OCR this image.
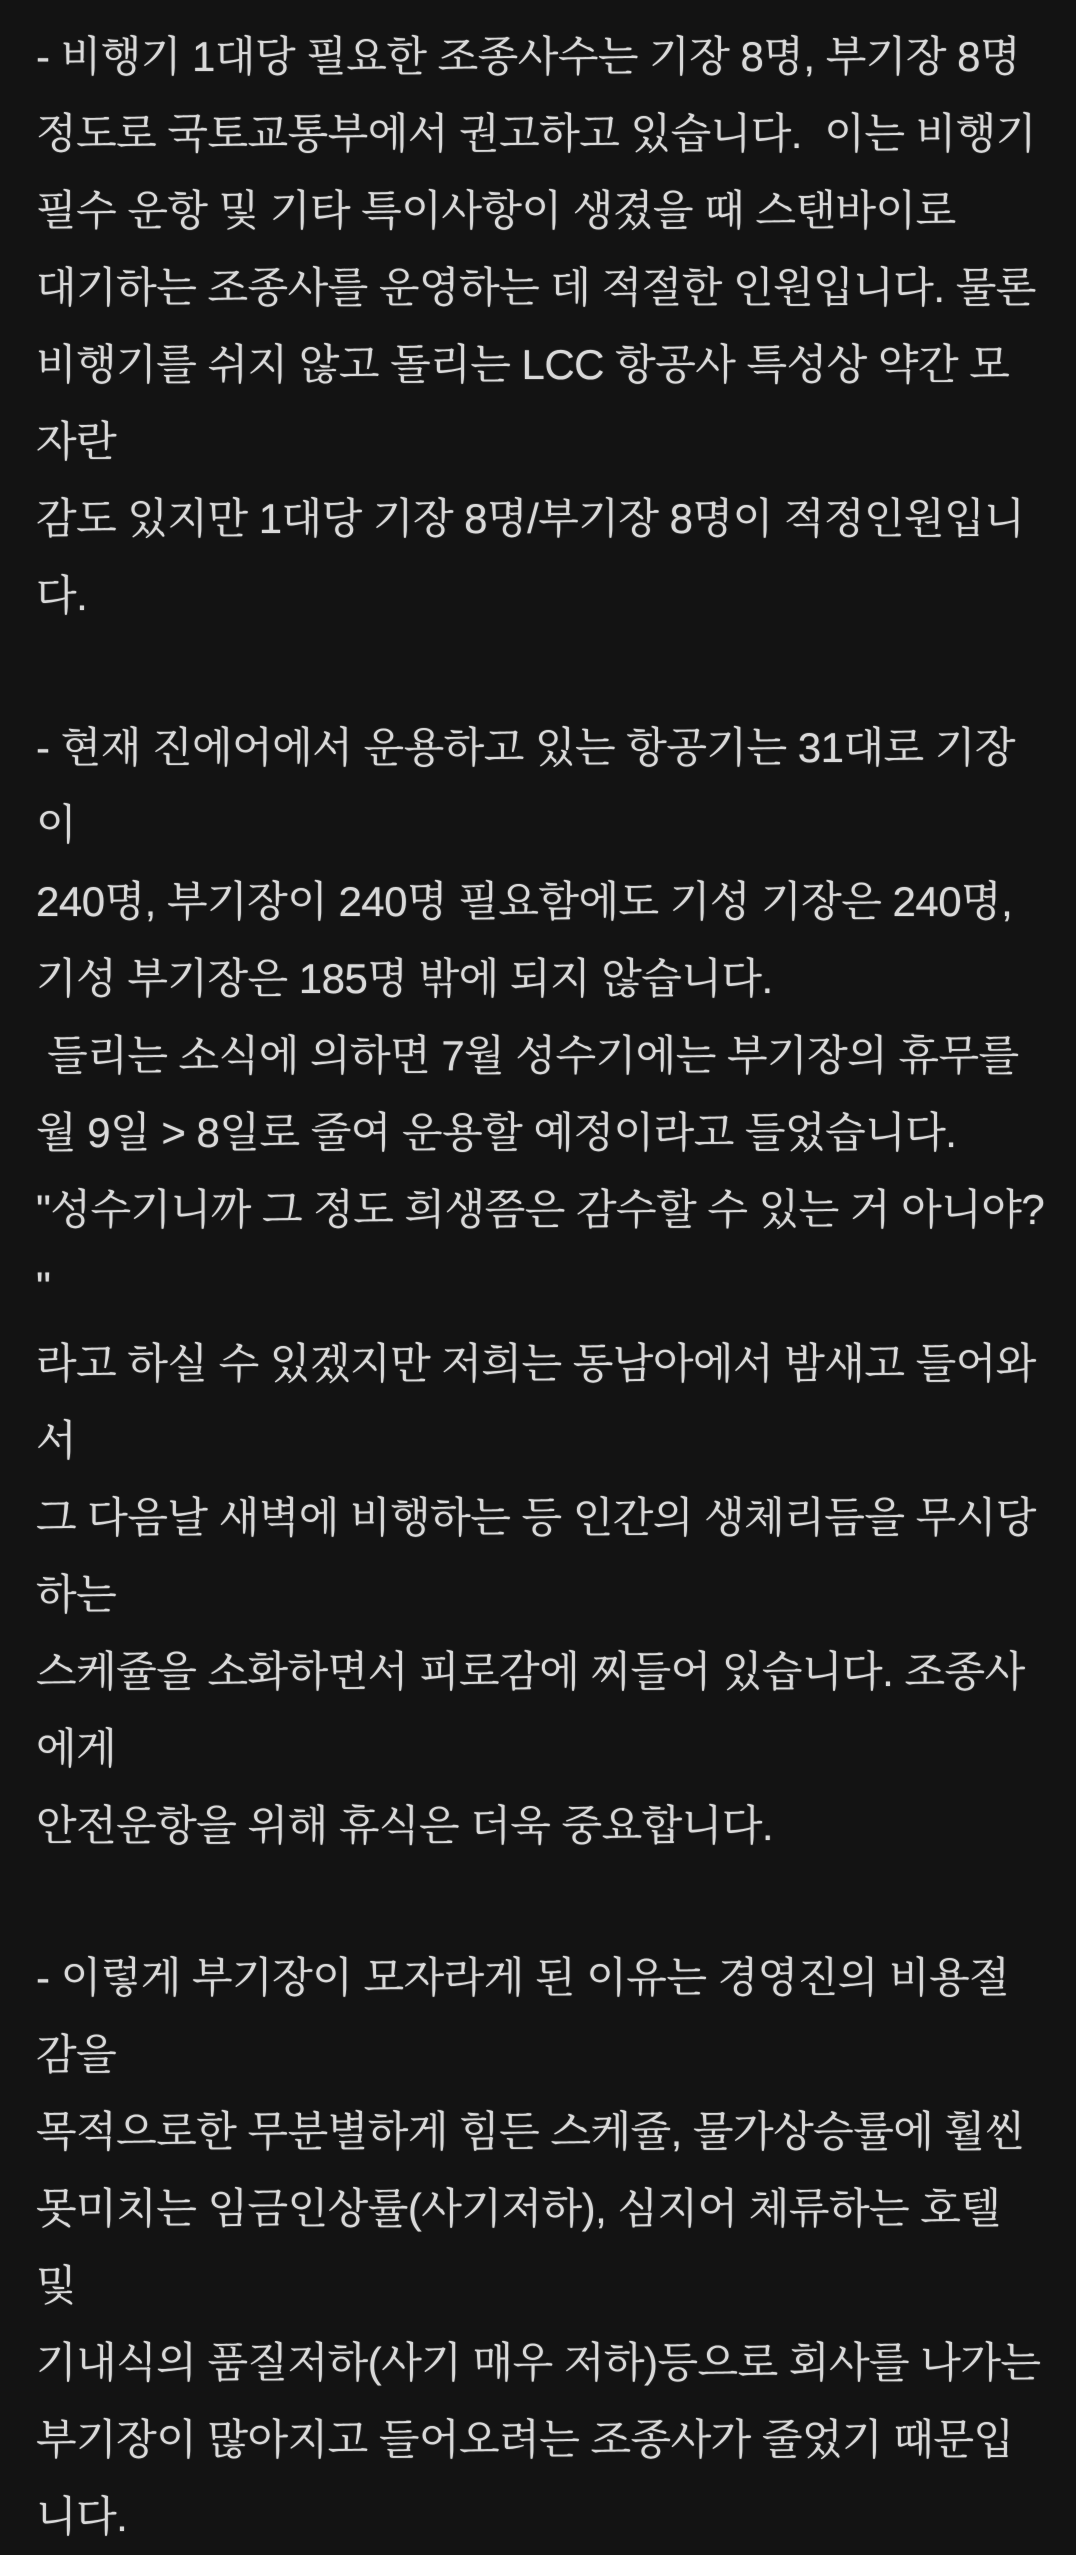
- 비행기 1대당 필요한 조종사수는 기장 8명, 부기장 8명

정도로 국토교통부에서 권고하고 있습니다.  이는 비행기

필수 운항 및 기타 특이사항이 생겼을 때 스탠바이로

대기하는 조종사를 운영하는 데 적절한 인원입니다. 물론

비행기를 쉬지 않고 돌리는 LCC 항공사 특성상 약간 모자란

감도 있지만 1대당 기장 8명/부기장 8명이 적정인원입니다.

- 현재 진에어에서 운용하고 있는 항공기는 31대로 기장이

240명, 부기장이 240명 필요함에도 기성 기장은 240명,

기성 부기장은 185명 밖에 되지 않습니다.

들리는 소식에 의하면 7월 성수기에는 부기장의 휴무를

월 9일 > 8일로 줄여 운용할 예정이라고 들었습니다.

"성수기니까 그 정도 희생쯤은 감수할 수 있는 거 아니야? "

라고 하실 수 있겠지만 저희는 동남아에서 밤새고 들어와서

그 다음날 새벽에 비행하는 등 인간의 생체리듬을 무시당하는

스케쥴을 소화하면서 피로감에 찌들어 있습니다. 조종사에게

안전운항을 위해 휴식은 더욱 중요합니다.

- 이렇게 부기장이 모자라게 된 이유는 경영진의 비용절감을

목적으로한 무분별하게 힘든 스케쥴, 물가상승률에 훨씬

못미치는 임금인상률(사기저하), 심지어 체류하는 호텔 및

기내식의 품질저하(사기 매우 저하)등으로 회사를 나가는

부기장이 많아지고 들어오려는 조종사가 줄었기 때문입니다.
